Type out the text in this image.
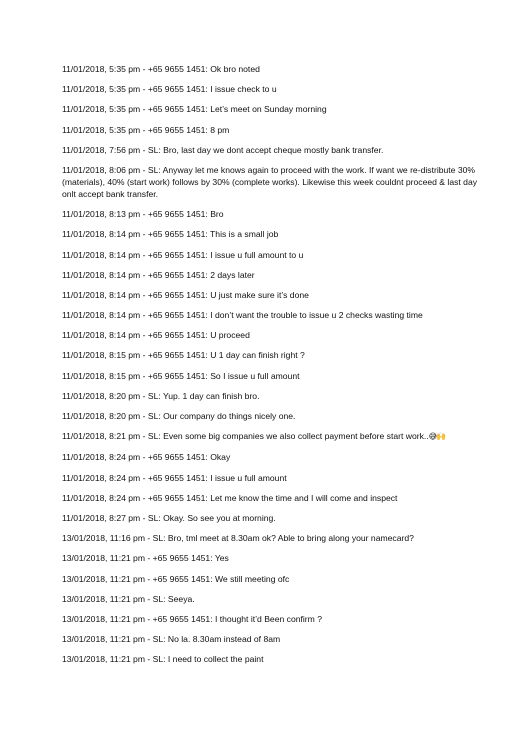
11/01/2018, 5:35 pm - +65 9655 1451: Ok bro noted

11/01/2018, 5:35 pm - +65 9655 1451: I issue check to u

11/01/2018, 5:35 pm - +65 9655 1451: Let’s meet on Sunday morning

11/01/2018, 5:35 pm - +65 9655 1451: 8 pm

11/01/2018, 7:56 pm - SL: Bro, last day we dont accept cheque mostly bank transfer.

11/01/2018, 8:06 pm - SL: Anyway let me knows again to proceed with the work. If want we re-distribute 30% (materials), 40% (start work) follows by 30% (complete works). Likewise this week couldnt proceed & last day onlt accept bank transfer.

11/01/2018, 8:13 pm - +65 9655 1451: Bro

11/01/2018, 8:14 pm - +65 9655 1451: This is a small job

11/01/2018, 8:14 pm - +65 9655 1451: I issue u full amount to u

11/01/2018, 8:14 pm - +65 9655 1451: 2 days later

11/01/2018, 8:14 pm - +65 9655 1451: U just make sure it’s done

11/01/2018, 8:14 pm - +65 9655 1451: I don’t want the trouble to issue u 2 checks wasting time

11/01/2018, 8:14 pm - +65 9655 1451: U proceed

11/01/2018, 8:15 pm - +65 9655 1451: U 1 day can finish right ?

11/01/2018, 8:15 pm - +65 9655 1451: So I issue u full amount

11/01/2018, 8:20 pm - SL: Yup. 1 day can finish bro.

11/01/2018, 8:20 pm - SL: Our company do things nicely one.

11/01/2018, 8:21 pm - SL: Even some big companies we also collect payment before start work..😅🙌

11/01/2018, 8:24 pm - +65 9655 1451: Okay

11/01/2018, 8:24 pm - +65 9655 1451: I issue u full amount

11/01/2018, 8:24 pm - +65 9655 1451: Let me know the time and I will come and inspect

11/01/2018, 8:27 pm - SL: Okay. So see you at morning.

13/01/2018, 11:16 pm - SL: Bro, tml meet at 8.30am ok? Able to bring along your namecard?

13/01/2018, 11:21 pm - +65 9655 1451: Yes

13/01/2018, 11:21 pm - +65 9655 1451: We still meeting ofc

13/01/2018, 11:21 pm - SL: Seeya.

13/01/2018, 11:21 pm - +65 9655 1451: I thought it’d Been confirm ?

13/01/2018, 11:21 pm - SL: No la. 8.30am instead of 8am

13/01/2018, 11:21 pm - SL: I need to collect the paint
